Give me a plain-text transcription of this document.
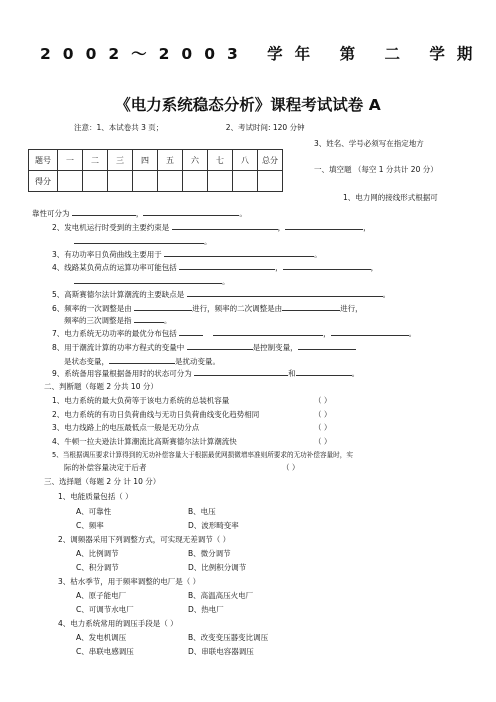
2002～2003 学年 第 二 学期
《电力系统稳态分析》课程考试试卷 A
注意：1、本试卷共 3 页；	2、考试时间: 120 分钟
3、姓名、学号必须写在指定地方
一、填空题 （每空 1 分共计 20 分）
1、电力网的接线形式根据可
题号	一	二	三	四	五	六	七	八	总分
得分									
靠性可分为	，	。
2、发电机运行时受到的主要约束是	，	，
。
3、有功功率日负荷曲线主要用于	。
4、线路某负荷点的运算功率可能包括	，	，
。
5、高斯赛德尔法计算潮流的主要缺点是	。
6、频率的一次调整是由	进行，频率的二次调整是由	进行，
频率的三次调整是指	。
7、电力系统无功功率的最优分布包括	，	。
8、用于潮流计算的功率方程式的变量中	是控制变量，
是状态变量，	是扰动变量。
9、系统备用容量根据备用时的状态可分为	和	。
二、判断题（每题 2 分共 10 分）
1、电力系统的最大负荷等于该电力系统的总装机容量	（ ）
2、电力系统的有功日负荷曲线与无功日负荷曲线变化趋势相同	（ ）
3、电力线路上的电压最低点一般是无功分点	（ ）
4、牛顿一拉夫逊法计算潮流比高斯赛德尔法计算潮流快	（ ）
5、当根据调压要求计算得到的无功补偿容量大于根据最优网损微增率准则所要求的无功补偿容量时，实
际的补偿容量决定于后者	（ ）
三、选择题（每题 2 分 计 10 分）
1、电能质量包括（ ）
A、可靠性	B、电压
C、频率	D、波形畸变率
2、调频器采用下列调整方式，可实现无差调节（ ）
A、比例调节	B、微分调节
C、积分调节	D、比例积分调节
3、枯水季节，用于频率调整的电厂是（ ）
A、原子能电厂	B、高温高压火电厂
C、可调节水电厂	D、热电厂
4、电力系统常用的调压手段是（ ）
A、发电机调压	B、改变变压器变比调压
C、串联电感调压	D、串联电容器调压
